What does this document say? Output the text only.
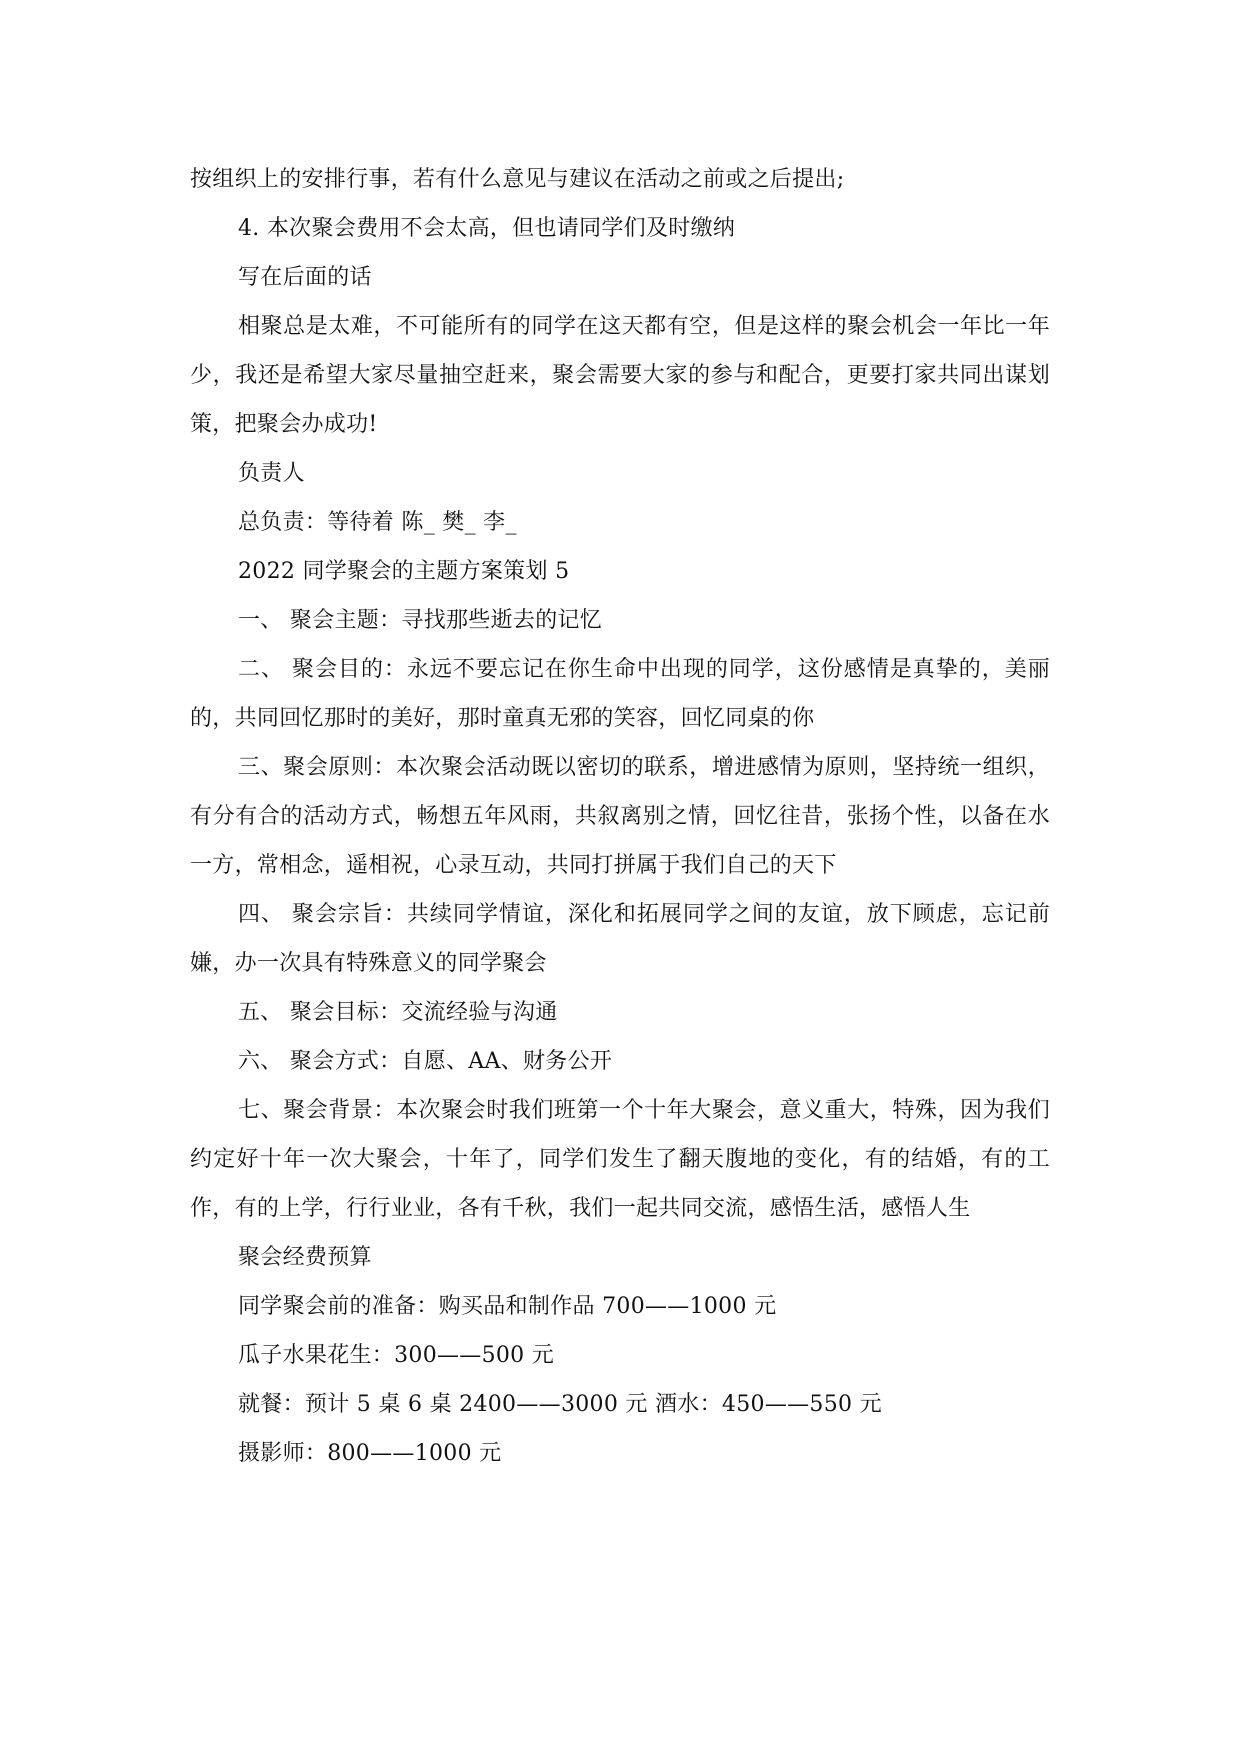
按组织上的安排行事，若有什么意见与建议在活动之前或之后提出;

4. 本次聚会费用不会太高，但也请同学们及时缴纳

写在后面的话

相聚总是太难，不可能所有的同学在这天都有空，但是这样的聚会机会一年比一年少，我还是希望大家尽量抽空赶来，聚会需要大家的参与和配合，更要打家共同出谋划策，把聚会办成功!

负责人

总负责：等待着 陈_ 樊_ 李_

2022 同学聚会的主题方案策划 5

一、 聚会主题：寻找那些逝去的记忆

二、 聚会目的：永远不要忘记在你生命中出现的同学，这份感情是真挚的，美丽的，共同回忆那时的美好，那时童真无邪的笑容，回忆同桌的你

三、聚会原则：本次聚会活动既以密切的联系，增进感情为原则，坚持统一组织，有分有合的活动方式，畅想五年风雨，共叙离别之情，回忆往昔，张扬个性，以备在水一方，常相念，遥相祝，心录互动，共同打拼属于我们自己的天下

四、 聚会宗旨：共续同学情谊，深化和拓展同学之间的友谊，放下顾虑，忘记前嫌，办一次具有特殊意义的同学聚会

五、 聚会目标：交流经验与沟通

六、 聚会方式：自愿、AA、财务公开

七、聚会背景：本次聚会时我们班第一个十年大聚会，意义重大，特殊，因为我们约定好十年一次大聚会，十年了，同学们发生了翻天腹地的变化，有的结婚，有的工作，有的上学，行行业业，各有千秋，我们一起共同交流，感悟生活，感悟人生

聚会经费预算

同学聚会前的准备：购买品和制作品 700——1000 元

瓜子水果花生：300——500 元

就餐：预计 5 桌 6 桌 2400——3000 元 酒水：450——550 元

摄影师：800——1000 元
